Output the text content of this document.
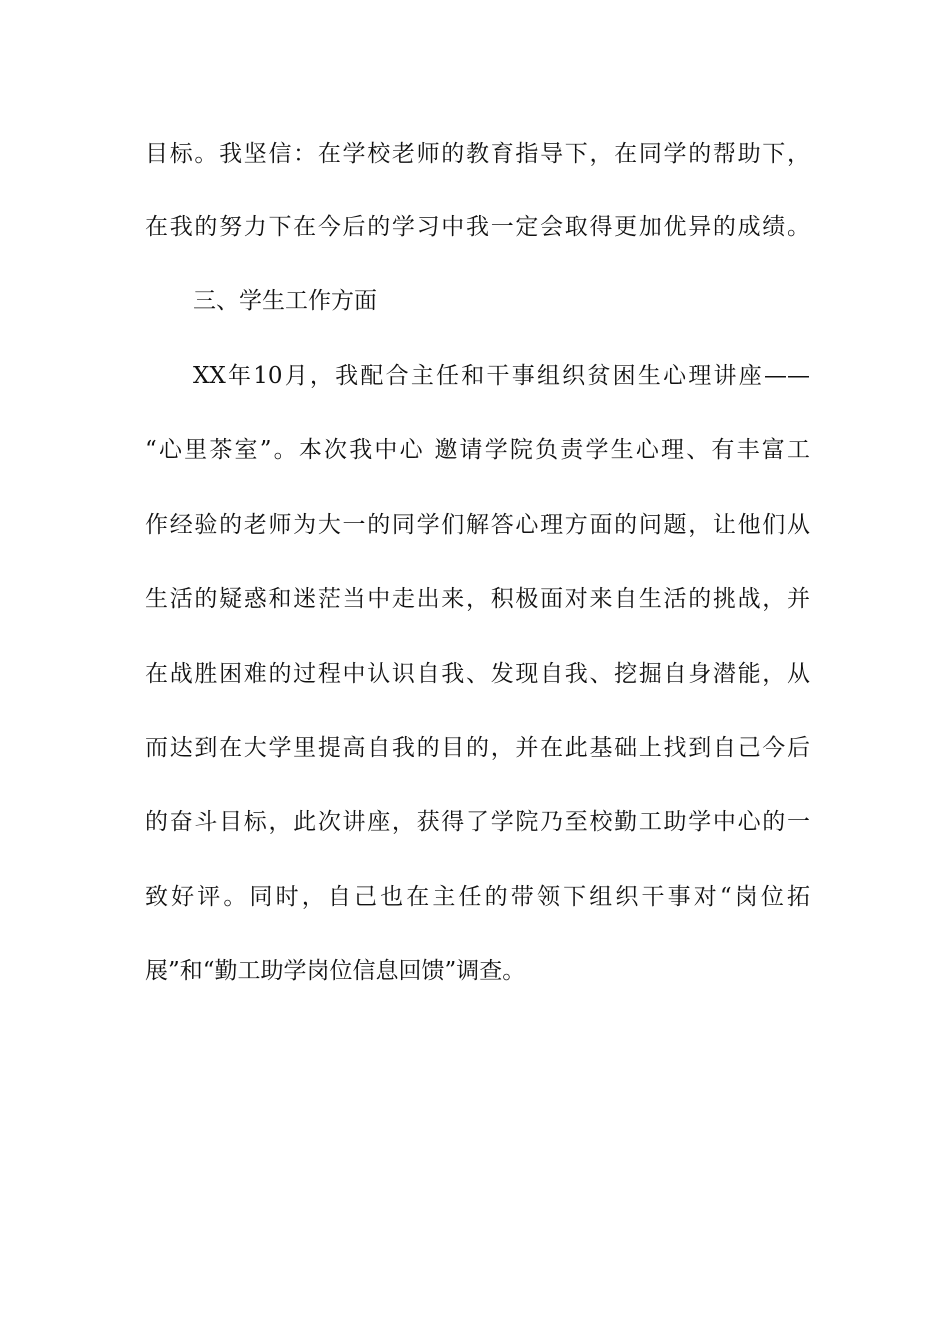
目标。我坚信：在学校老师的教育指导下，在同学的帮助下，

在我的努力下在今后的学习中我一定会取得更加优异的成绩。

三、学生工作方面

XX年10月，我配合主任和干事组织贫困生心理讲座——

“心里茶室”。本次我中心 邀请学院负责学生心理、有丰富工

作经验的老师为大一的同学们解答心理方面的问题，让他们从

生活的疑惑和迷茫当中走出来，积极面对来自生活的挑战，并

在战胜困难的过程中认识自我、发现自我、挖掘自身潜能，从

而达到在大学里提高自我的目的，并在此基础上找到自己今后

的奋斗目标，此次讲座，获得了学院乃至校勤工助学中心的一

致好评。同时，自己也在主任的带领下组织干事对“岗位拓

展”和“勤工助学岗位信息回馈”调查。
